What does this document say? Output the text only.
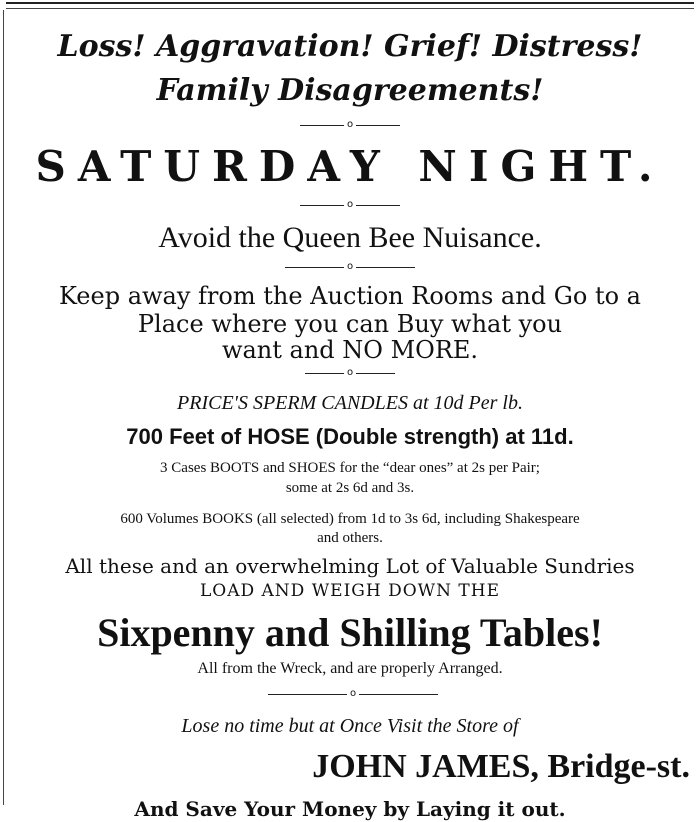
Loss! Aggravation! Grief! Distress!
Family Disagreements!
o
SATURDAY NIGHT.
o
Avoid the Queen Bee Nuisance.
o
Keep away from the Auction Rooms and Go to a
Place where you can Buy what you
want and NO MORE.
o
PRICE'S SPERM CANDLES at 10d Per lb.
700 Feet of HOSE (Double strength) at 11d.
3 Cases BOOTS and SHOES for the “dear ones” at 2s per Pair;
some at 2s 6d and 3s.
600 Volumes BOOKS (all selected) from 1d to 3s 6d, including Shakespeare
and others.
All these and an overwhelming Lot of Valuable Sundries
LOAD AND WEIGH DOWN THE
Sixpenny and Shilling Tables!
All from the Wreck, and are properly Arranged.
o
Lose no time but at Once Visit the Store of
JOHN JAMES, Bridge-st.
And Save Your Money by Laying it out.
